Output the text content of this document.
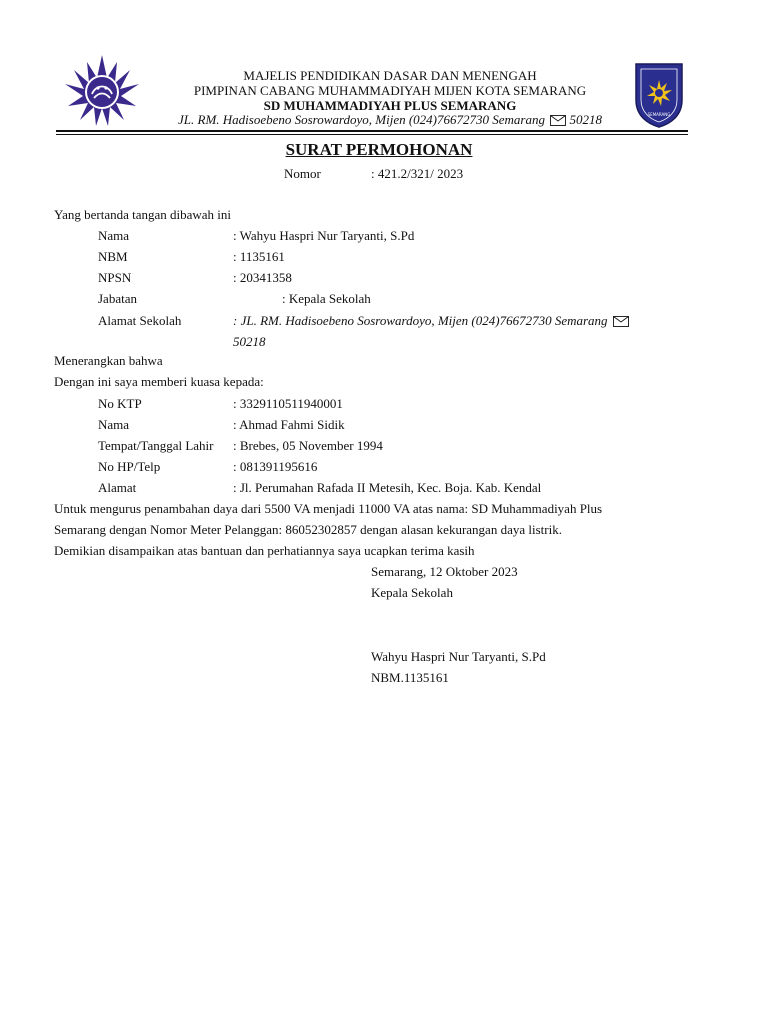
SEMARANG
MAJELIS PENDIDIKAN DASAR DAN MENENGAH
PIMPINAN CABANG MUHAMMADIYAH MIJEN KOTA SEMARANG
SD MUHAMMADIYAH PLUS SEMARANG
JL. RM. Hadisoebeno Sosrowardoyo, Mijen (024)76672730 Semarang 50218
SURAT PERMOHONAN
Nomor	: 421.2/321/ 2023
Yang bertanda tangan dibawah ini
Nama	: Wahyu Haspri Nur Taryanti, S.Pd
NBM	: 1135161
NPSN	: 20341358
Jabatan	: Kepala Sekolah
Alamat Sekolah	: JL. RM. Hadisoebeno Sosrowardoyo, Mijen (024)76672730 Semarang
50218
Menerangkan bahwa
Dengan ini saya memberi kuasa kepada:
No KTP	: 3329110511940001
Nama	: Ahmad Fahmi Sidik
Tempat/Tanggal Lahir : Brebes, 05 November 1994
No HP/Telp	: 081391195616
Alamat	: Jl. Perumahan Rafada II Metesih, Kec. Boja. Kab. Kendal
Untuk mengurus penambahan daya dari 5500 VA menjadi 11000 VA atas nama: SD Muhammadiyah Plus
Semarang dengan Nomor Meter Pelanggan: 86052302857 dengan alasan kekurangan daya listrik.
Demikian disampaikan atas bantuan dan perhatiannya saya ucapkan terima kasih
Semarang, 12 Oktober 2023
Kepala Sekolah
Wahyu Haspri Nur Taryanti, S.Pd
NBM.1135161
